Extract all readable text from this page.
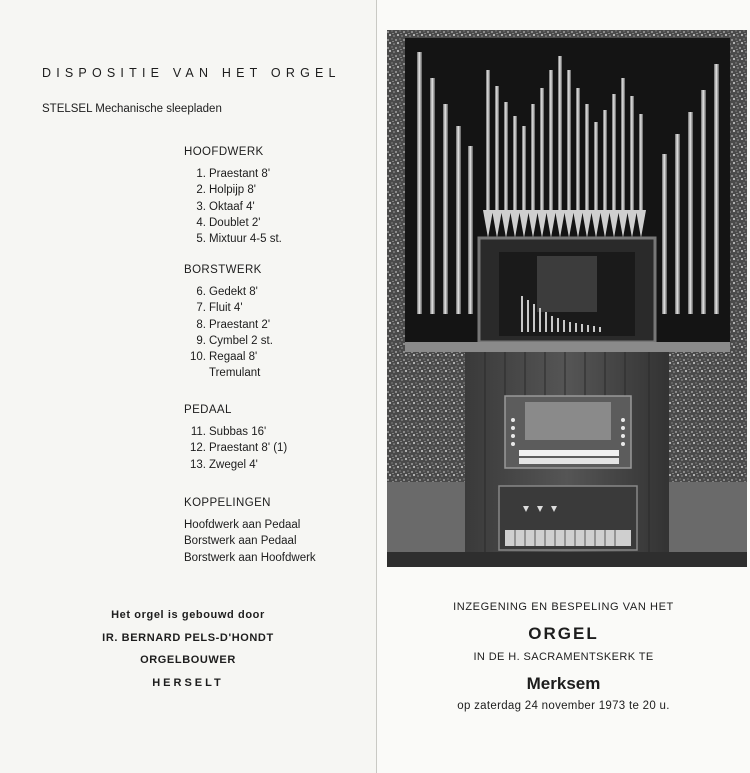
DISPOSITIE VAN HET ORGEL
STELSEL Mechanische sleepladen
HOOFDWERK
1. Praestant 8'
2. Holpijp 8'
3. Oktaaf 4'
4. Doublet 2'
5. Mixtuur 4-5 st.
BORSTWERK
6. Gedekt 8'
7. Fluit 4'
8. Praestant 2'
9. Cymbel 2 st.
10. Regaal 8'
Tremulant
PEDAAL
11. Subbas 16'
12. Praestant 8' (1)
13. Zwegel 4'
KOPPELINGEN
Hoofdwerk aan Pedaal
Borstwerk aan Pedaal
Borstwerk aan Hoofdwerk
Het orgel is gebouwd door
IR. BERNARD PELS-D'HONDT
ORGELBOUWER
HERSELT
INZEGENING EN BESPELING VAN HET
ORGEL
IN DE H. SACRAMENTSKERK TE
Merksem
op zaterdag 24 november 1973 te 20 u.
